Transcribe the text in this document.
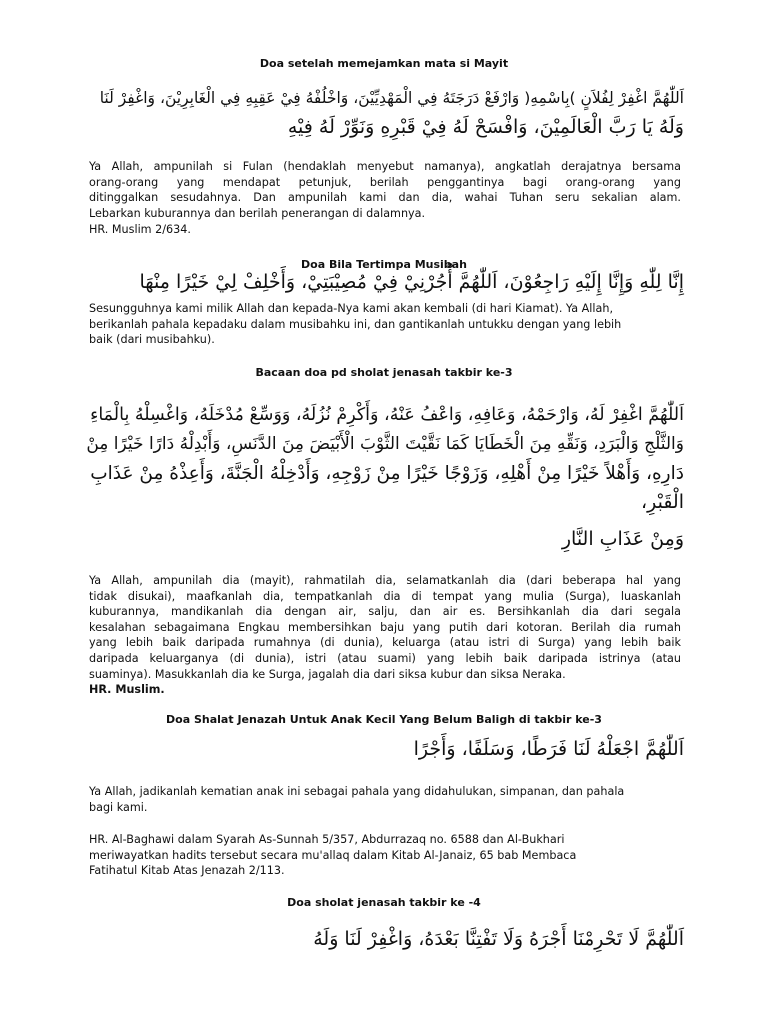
Doa setelah memejamkan mata si Mayit
اَللّٰهُمَّ اغْفِرْ لِفُلاَنٍ )بِاسْمِهِ( وَارْفَعْ دَرَجَتَهُ فِي الْمَهْدِيِّيْنَ، وَاخْلُفْهُ فِيْ عَقِبِهِ فِي الْغَابِرِيْنَ، وَاغْفِرْ لَنَا
وَلَهُ يَا رَبَّ الْعَالَمِيْنَ، وَافْسَحْ لَهُ فِيْ قَبْرِهِ وَنَوِّرْ لَهُ فِيْهِ
Ya Allah, ampunilah si Fulan (hendaklah menyebut namanya), angkatlah derajatnya bersama
orang-orang yang mendapat petunjuk, berilah penggantinya bagi orang-orang yang
ditinggalkan sesudahnya. Dan ampunilah kami dan dia, wahai Tuhan seru sekalian alam.
Lebarkan kuburannya dan berilah penerangan di dalamnya.
HR. Muslim 2/634.
Doa Bila Tertimpa Musibah
إِنَّا لِلّٰهِ وَإِنَّا إِلَيْهِ رَاجِعُوْنَ، اَللّٰهُمَّ أْجُرْنِيْ فِيْ مُصِيْبَتِيْ، وَأَخْلِفْ لِيْ خَيْرًا مِنْهَا
Sesungguhnya kami milik Allah dan kepada-Nya kami akan kembali (di hari Kiamat). Ya Allah,
berikanlah pahala kepadaku dalam musibahku ini, dan gantikanlah untukku dengan yang lebih
baik (dari musibahku).
Bacaan doa pd sholat jenasah takbir ke-3
اَللّٰهُمَّ اغْفِرْ لَهُ، وَارْحَمْهُ، وَعَافِهِ، وَاعْفُ عَنْهُ، وَأَكْرِمْ نُزُلَهُ، وَوَسِّعْ مُدْخَلَهُ، وَاغْسِلْهُ بِالْمَاءِ
وَالثَّلْجِ وَالْبَرَدِ، وَنَقِّهِ مِنَ الْخَطَايَا كَمَا نَقَّيْتَ الثَّوْبَ الْأَبْيَضَ مِنَ الدَّنَسِ، وَأَبْدِلْهُ دَارًا خَيْرًا مِنْ
دَارِهِ، وَأَهْلاً خَيْرًا مِنْ أَهْلِهِ، وَزَوْجًا خَيْرًا مِنْ زَوْجِهِ، وَأَدْخِلْهُ الْجَنَّةَ، وَأَعِذْهُ مِنْ عَذَابِ
الْقَبْرِ،
وَمِنْ عَذَابِ النَّارِ
Ya Allah, ampunilah dia (mayit), rahmatilah dia, selamatkanlah dia (dari beberapa hal yang
tidak disukai), maafkanlah dia, tempatkanlah dia di tempat yang mulia (Surga), luaskanlah
kuburannya, mandikanlah dia dengan air, salju, dan air es. Bersihkanlah dia dari segala
kesalahan sebagaimana Engkau membersihkan baju yang putih dari kotoran. Berilah dia rumah
yang lebih baik daripada rumahnya (di dunia), keluarga (atau istri di Surga) yang lebih baik
daripada keluarganya (di dunia), istri (atau suami) yang lebih baik daripada istrinya (atau
suaminya). Masukkanlah dia ke Surga, jagalah dia dari siksa kubur dan siksa Neraka.
HR. Muslim.
Doa Shalat Jenazah Untuk Anak Kecil Yang Belum Baligh di takbir ke-3
اَللّٰهُمَّ اجْعَلْهُ لَنَا فَرَطًا، وَسَلَفًا، وَأَجْرًا
Ya Allah, jadikanlah kematian anak ini sebagai pahala yang didahulukan, simpanan, dan pahala
bagi kami.
HR. Al-Baghawi dalam Syarah As-Sunnah 5/357, Abdurrazaq no. 6588 dan Al-Bukhari
meriwayatkan hadits tersebut secara mu'allaq dalam Kitab Al-Janaiz, 65 bab Membaca
Fatihatul Kitab Atas Jenazah 2/113.
Doa sholat jenasah takbir ke -4
اَللّٰهُمَّ لَا تَحْرِمْنَا أَجْرَهُ وَلَا تَفْتِنَّا بَعْدَهُ، وَاغْفِرْ لَنَا وَلَهُ
